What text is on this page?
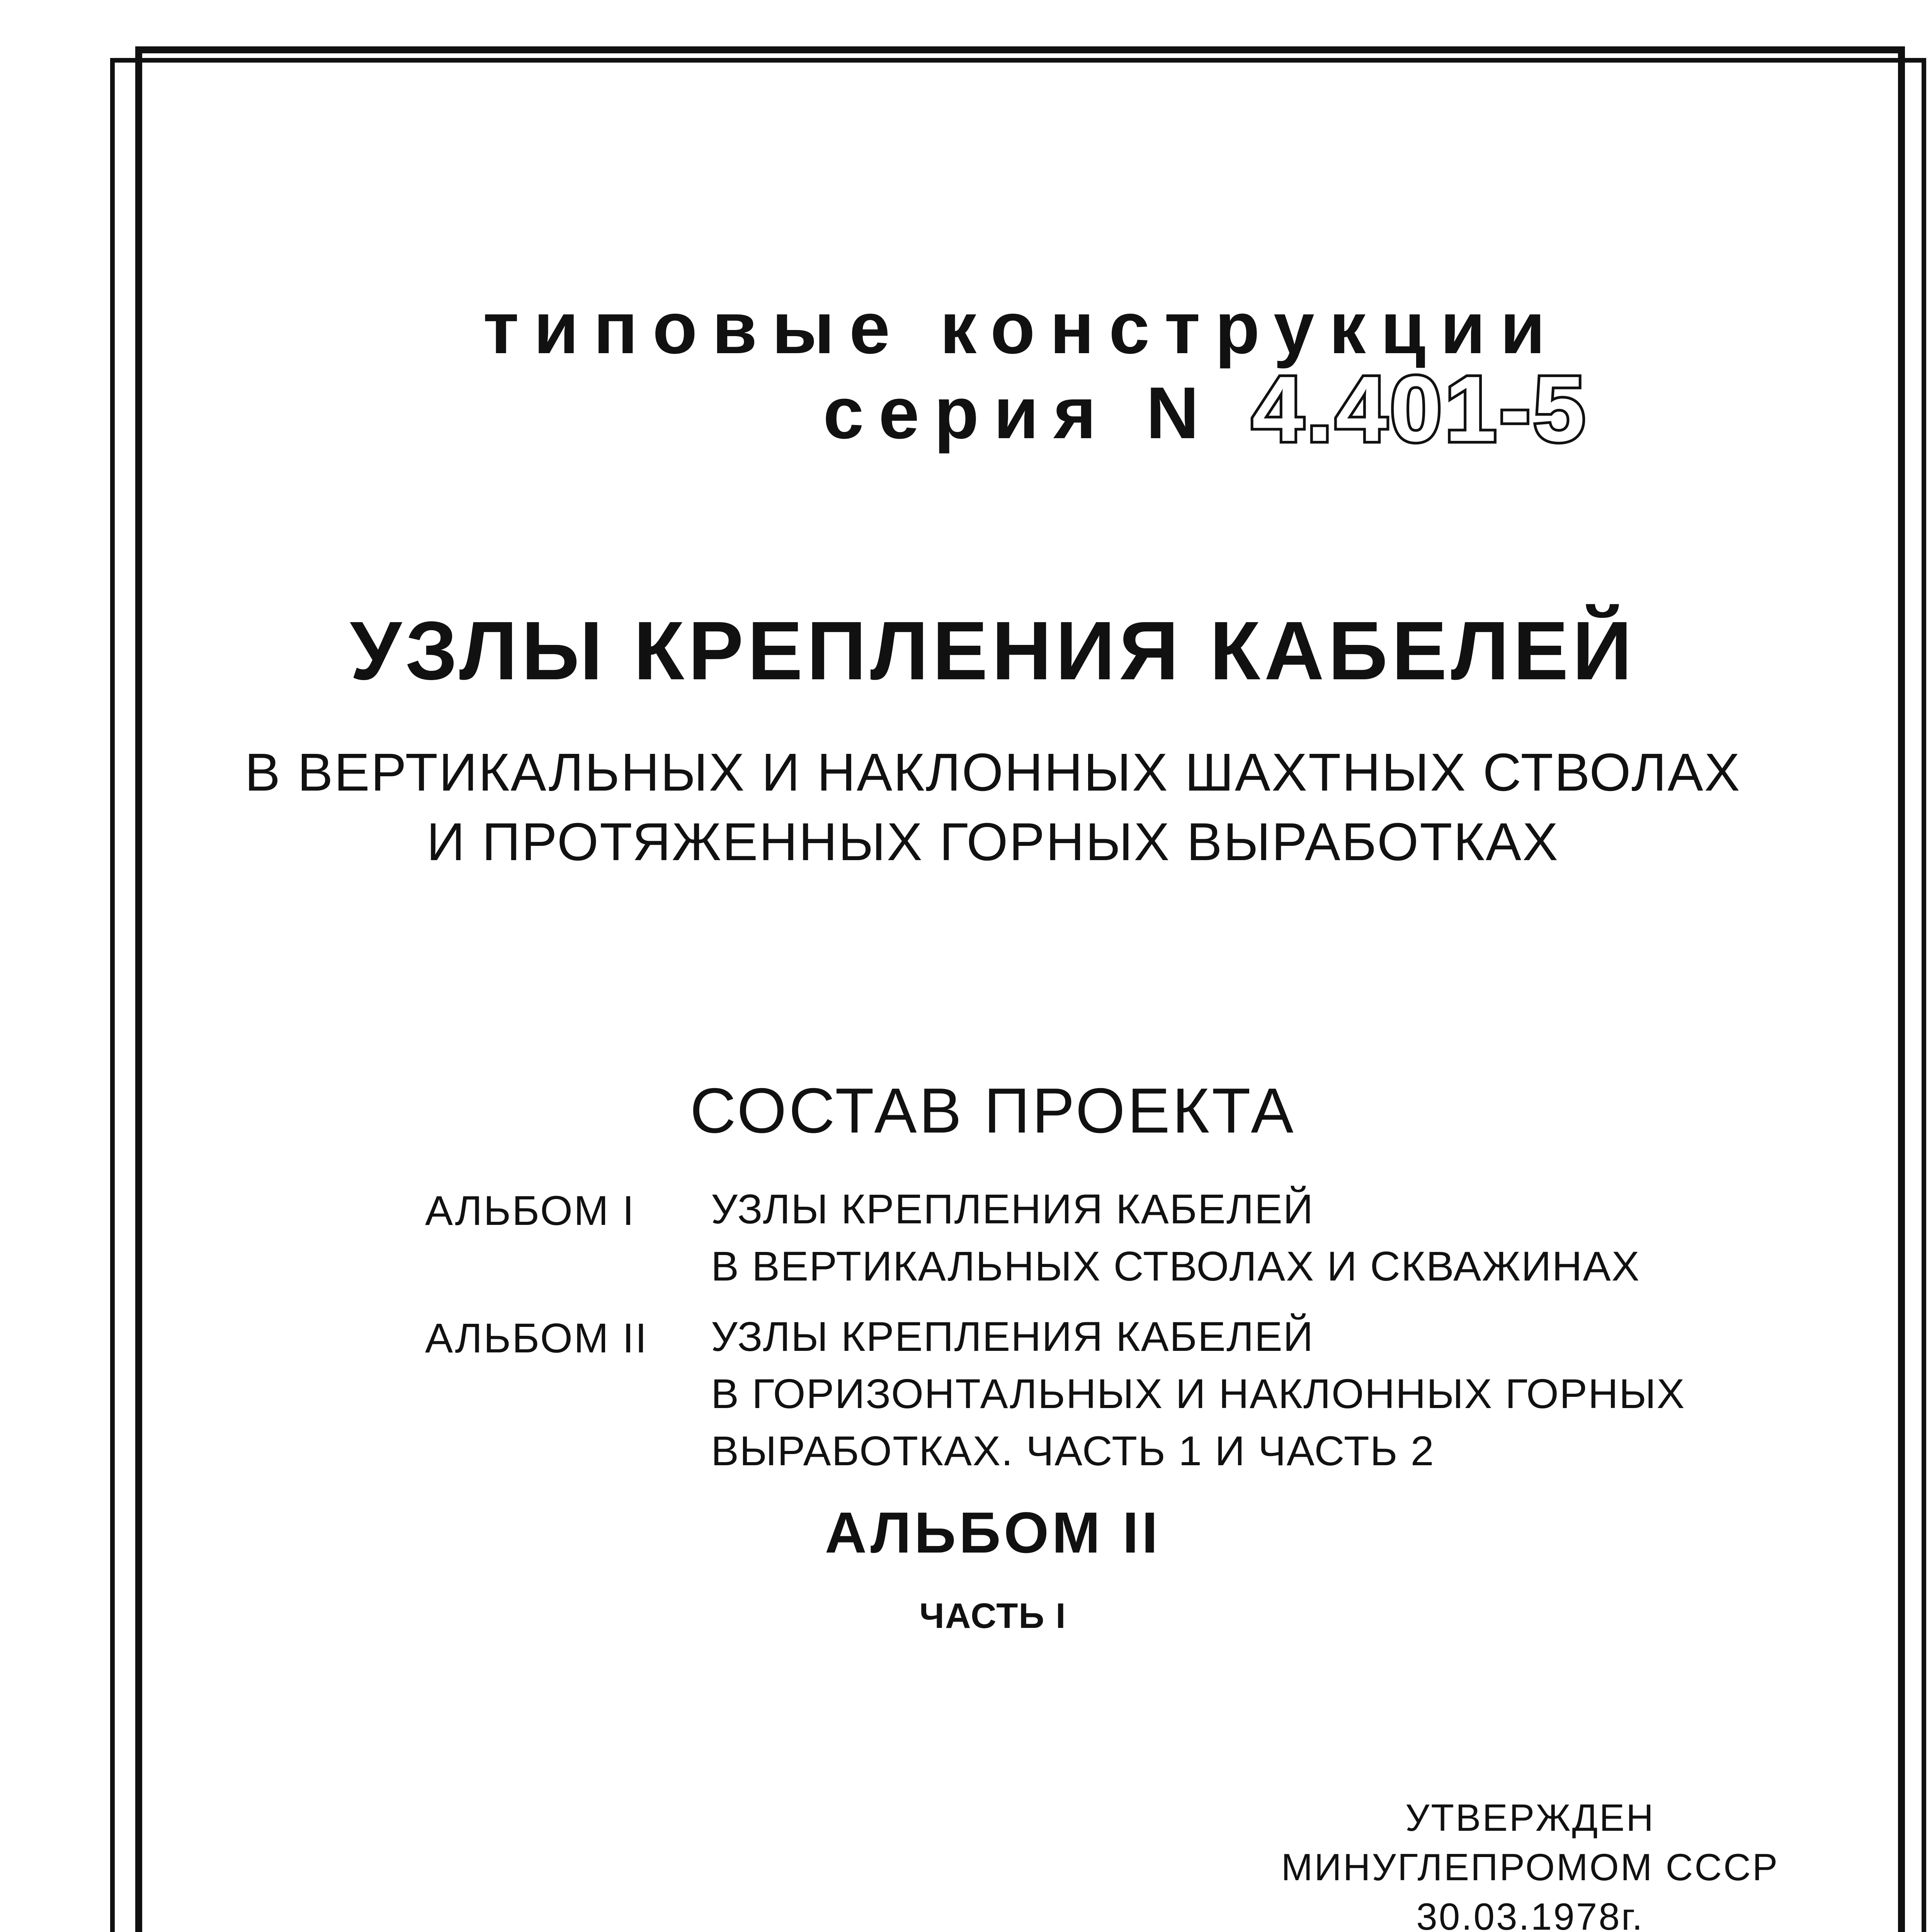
типовые конструкции
серия N 4.401-5
УЗЛЫ КРЕПЛЕНИЯ КАБЕЛЕЙ
В ВЕРТИКАЛЬНЫХ И НАКЛОННЫХ ШАХТНЫХ СТВОЛАХ
И ПРОТЯЖЕННЫХ ГОРНЫХ ВЫРАБОТКАХ
СОСТАВ ПРОЕКТА
АЛЬБОМ I УЗЛЫ КРЕПЛЕНИЯ КАБЕЛЕЙ
В ВЕРТИКАЛЬНЫХ СТВОЛАХ И СКВАЖИНАХ
АЛЬБОМ II УЗЛЫ КРЕПЛЕНИЯ КАБЕЛЕЙ
В ГОРИЗОНТАЛЬНЫХ И НАКЛОННЫХ ГОРНЫХ
ВЫРАБОТКАХ. ЧАСТЬ 1 И ЧАСТЬ 2
АЛЬБОМ II
ЧАСТЬ I
УТВЕРЖДЕН
МИНУГЛЕПРОМОМ СССР
30.03.1978г.
